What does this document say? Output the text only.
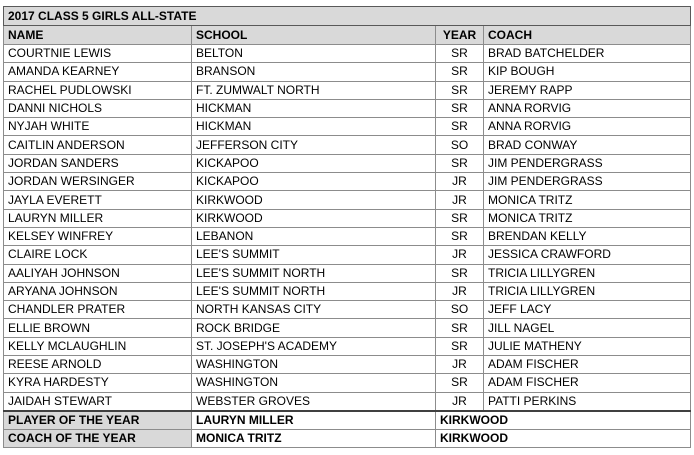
2017 CLASS 5 GIRLS ALL-STATE			
NAME	SCHOOL	YEAR	COACH
COURTNIE LEWIS	BELTON	SR	BRAD BATCHELDER
AMANDA KEARNEY	BRANSON	SR	KIP BOUGH
RACHEL PUDLOWSKI	FT. ZUMWALT NORTH	SR	JEREMY RAPP
DANNI NICHOLS	HICKMAN	SR	ANNA RORVIG
NYJAH WHITE	HICKMAN	SR	ANNA RORVIG
CAITLIN ANDERSON	JEFFERSON CITY	SO	BRAD CONWAY
JORDAN SANDERS	KICKAPOO	SR	JIM PENDERGRASS
JORDAN WERSINGER	KICKAPOO	JR	JIM PENDERGRASS
JAYLA EVERETT	KIRKWOOD	JR	MONICA TRITZ
LAURYN MILLER	KIRKWOOD	SR	MONICA TRITZ
KELSEY WINFREY	LEBANON	SR	BRENDAN KELLY
CLAIRE LOCK	LEE'S SUMMIT	JR	JESSICA CRAWFORD
AALIYAH JOHNSON	LEE'S SUMMIT NORTH	SR	TRICIA LILLYGREN
ARYANA JOHNSON	LEE'S SUMMIT NORTH	JR	TRICIA LILLYGREN
CHANDLER PRATER	NORTH KANSAS CITY	SO	JEFF LACY
ELLIE BROWN	ROCK BRIDGE	SR	JILL NAGEL
KELLY MCLAUGHLIN	ST. JOSEPH'S ACADEMY	SR	JULIE MATHENY
REESE ARNOLD	WASHINGTON	JR	ADAM FISCHER
KYRA HARDESTY	WASHINGTON	SR	ADAM FISCHER
JAIDAH STEWART	WEBSTER GROVES	JR	PATTI PERKINS
PLAYER OF THE YEAR	LAURYN MILLER	KIRKWOOD	
COACH OF THE YEAR	MONICA TRITZ	KIRKWOOD	
